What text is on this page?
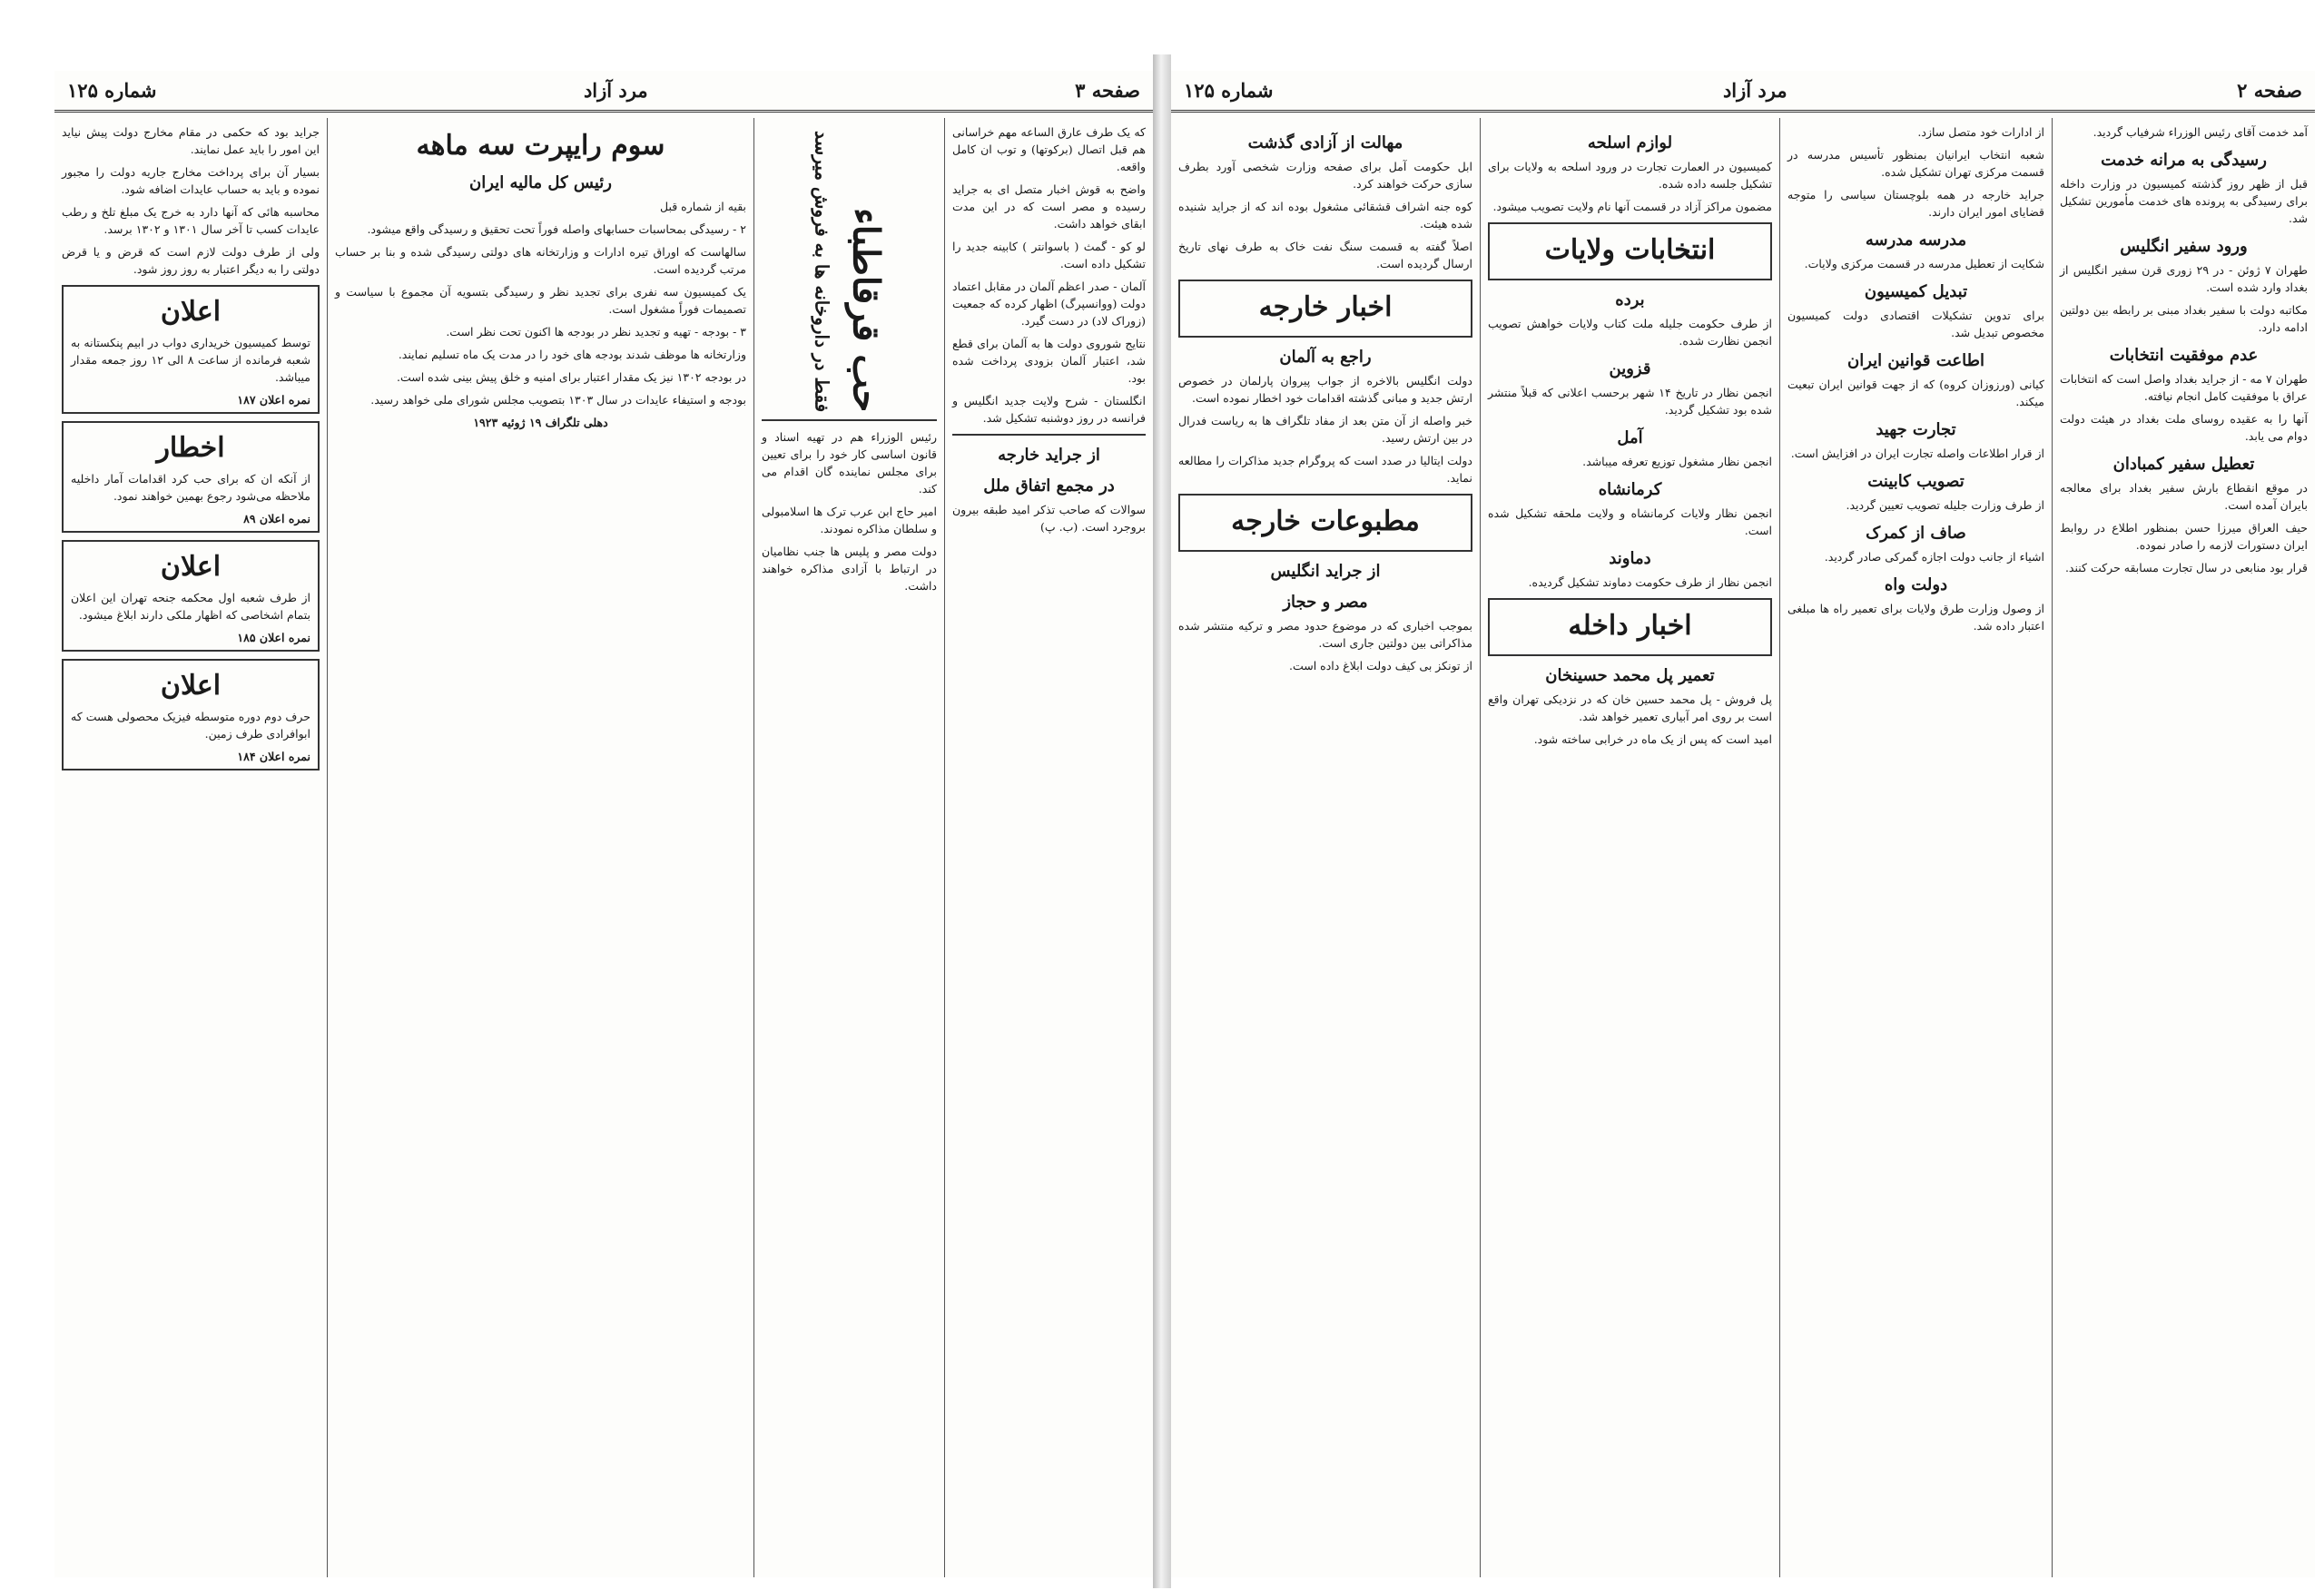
صفحه ۳
مرد آزاد
شماره ۱۲۵

که یک طرف عارق الساعه مهم خراسانی هم قبل اتصال (برکوتها) و توب ان کامل واقعه.

واضح به قوش اخبار متصل ای به جراید رسیده و مصر است که در این مدت ابقای خواهد داشت.

لو کو - گمث ( باسوانتر ) کابینه جدید را تشکیل داده است.

آلمان - صدر اعظم آلمان در مقابل اعتماد دولت (ووانسپرگ) اظهار کرده که جمعیت (زوراک لاد) در دست گیرد.

نتایج شوروی دولت ها به آلمان برای قطع شد، اعتبار آلمان بزودی پرداخت شده بود.

انگلستان - شرح ولایت جدید انگلیس و فرانسه در روز دوشنبه تشکیل شد.

از جراید خارجه
در مجمع اتفاق ملل

سوالات که صاحب تذکر امید طبقه بیرون بروجرد است. (ب. پ)

حب قرقاطباء
فقط در داروخانه ها به فروش میرسد

رئیس الوزراء هم در تهیه اسناد و قانون اساسی کار خود را برای تعیین برای مجلس نماینده گان اقدام می کند.

امیر حاج ابن عرب ترک ها اسلامبولی و سلطان مذاکره نمودند.

دولت مصر و پلیس ها جنب نظامیان در ارتباط با آزادی مذاکره خواهند داشت.

سوم رایپرت سه ماهه
رئیس کل مالیه ایران

بقیه از شماره قبل

۲ - رسیدگی بمحاسبات حسابهای واصله فوراً تحت تحقیق و رسیدگی واقع میشود.

سالهاست که اوراق تیره ادارات و وزارتخانه های دولتی رسیدگی شده و بنا بر حساب مرتب گردیده است.

یک کمیسیون سه نفری برای تجدید نظر و رسیدگی بتسویه آن مجموع با سیاست و تصمیمات فوراً مشغول است.

۳ - بودجه - تهیه و تجدید نظر در بودجه ها اکنون تحت نظر است.

وزارتخانه ها موظف شدند بودجه های خود را در مدت یک ماه تسلیم نمایند.

در بودجه ۱۳۰۲ نیز یک مقدار اعتبار برای امنیه و خلق پیش بینی شده است.

بودجه و استیفاء عایدات در سال ۱۳۰۳ بتصویب مجلس شورای ملی خواهد رسید.

دهلی تلگراف ۱۹ ژوئیه ۱۹۲۳

جراید بود که حکمی در مقام مخارج دولت پیش نیاید این امور را باید عمل نمایند.

بسیار آن برای پرداخت مخارج جاریه دولت را مجبور نموده و باید به حساب عایدات اضافه شود.

محاسبه هائی که آنها دارد به خرج یک مبلغ تلخ و رطب عایدات کسب تا آخر سال ۱۳۰۱ و ۱۳۰۲ برسد.

ولی از طرف دولت لازم است که قرض و یا قرض دولتی را به دیگر اعتبار به روز روز شود.

اعلان

توسط کمیسیون خریداری دواب در ابیم پنکستانه به شعبه فرمانده از ساعت ۸ الی ۱۲ روز جمعه مقدار میباشد.

نمره اعلان ۱۸۷
اخطار

از آنکه ان که برای حب کرد اقدامات آمار داخلیه ملاحظه می‌شود رجوع بهمین خواهند نمود.

نمره اعلان ۸۹
اعلان

از طرف شعبه اول محکمه جنحه تهران این اعلان بتمام اشخاصی که اظهار ملکی دارند ابلاغ میشود.

نمره اعلان ۱۸۵
اعلان

حرف دوم دوره متوسطه فیزیک محصولی هست که ابوافرادی طرف زمین.

نمره اعلان ۱۸۴
صفحه ۲
مرد آزاد
شماره ۱۲۵

آمد خدمت آقای رئیس الوزراء شرفیاب گردید.

رسیدگی به مرانه خدمت

قبل از ظهر روز گذشته کمیسیون در وزارت داخله برای رسیدگی به پرونده های خدمت مأمورین تشکیل شد.

ورود سفیر انگلیس

طهران ۷ ژوئن - در ۲۹ زوری قرن سفیر انگلیس از بغداد وارد شده است.

مکاتبه دولت با سفیر بغداد مبنی بر رابطه بین دولتین ادامه دارد.

عدم موفقیت انتخابات

طهران ۷ مه - از جراید بغداد واصل است که انتخابات عراق با موفقیت کامل انجام نیافته.

آنها را به عقیده روسای ملت بغداد در هیئت دولت دوام می یابد.

تعطیل سفیر کمبادان

در موقع انقطاع بارش سفیر بغداد برای معالجه بایران آمده است.

حیف العراق میرزا حسن بمنظور اطلاع در روابط ایران دستورات لازمه را صادر نموده.

قرار بود منابعی در سال تجارت مسابقه حرکت کنند.

از ادارات خود متصل سازد.

شعبه انتخاب ایرانیان بمنظور تأسیس مدرسه در قسمت مرکزی تهران تشکیل شده.

جراید خارجه در همه بلوچستان سیاسی را متوجه قضایای امور ایران دارند.

مدرسه مدرسه

شکایت از تعطیل مدرسه در قسمت مرکزی ولایات.

تبدیل کمیسیون

برای تدوین تشکیلات اقتصادی دولت کمیسیون مخصوص تبدیل شد.

اطاعت قوانین ایران

کیانی (ورزوزان کروه) که از جهت قوانین ایران تبعیت میکند.

تجارت جهید

از قرار اطلاعات واصله تجارت ایران در افزایش است.

تصویب کابینت

از طرف وزارت جلیله تصویب تعیین گردید.

صاف از کمرک

اشیاء از جانب دولت اجازه گمرکی صادر گردید.

دولت واه

از وصول وزارت طرق ولایات برای تعمیر راه ها مبلغی اعتبار داده شد.

لوازم اسلحه

کمیسیون در العمارت تجارت در ورود اسلحه به ولایات برای تشکیل جلسه داده شده.

مضمون مراکز آزاد در قسمت آنها نام ولایت تصویب میشود.

انتخابات ولایات
برده

از طرف حکومت جلیله ملت کتاب ولایات خواهش تصویب انجمن نظارت شده.

قزوین

انجمن نظار در تاریخ ۱۴ شهر برحسب اعلانی که قبلاً منتشر شده بود تشکیل گردید.

آمل

انجمن نظار مشغول توزیع تعرفه میباشد.

کرمانشاه

انجمن نظار ولایات کرمانشاه و ولایت ملحقه تشکیل شده است.

دماوند

انجمن نظار از طرف حکومت دماوند تشکیل گردیده.

اخبار داخله
تعمیر پل محمد حسینخان

پل فروش - پل محمد حسین خان که در نزدیکی تهران واقع است بر روی امر آبیاری تعمیر خواهد شد.

امید است که پس از یک ماه در خرابی ساخته شود.

مهالت از آزادی گذشت

ابل حکومت آمل برای صفحه وزارت شخصی آورد بطرف سازی حرکت خواهند کرد.

کوه جنه اشراف قشقائی مشغول بوده اند که از جراید شنیده شده هیئت.

اصلاً گفته به قسمت سنگ نفت خاک به طرف نهای تاریخ ارسال گردیده است.

اخبار خارجه
راجع به آلمان

دولت انگلیس بالاخره از جواب پیروان پارلمان در خصوص ارتش جدید و مبانی گذشته اقدامات خود اخطار نموده است.

خبر واصله از آن متن بعد از مفاد تلگراف ها به ریاست فدرال در بین ارتش رسید.

دولت ایتالیا در صدد است که پروگرام جدید مذاکرات را مطالعه نماید.

مطبوعات خارجه
از جراید انگلیس
مصر و حجاز

بموجب اخباری که در موضوع حدود مصر و ترکیه منتشر شده مذاکراتی بین دولتین جاری است.

از تونکز بی کیف دولت ابلاغ داده است.
